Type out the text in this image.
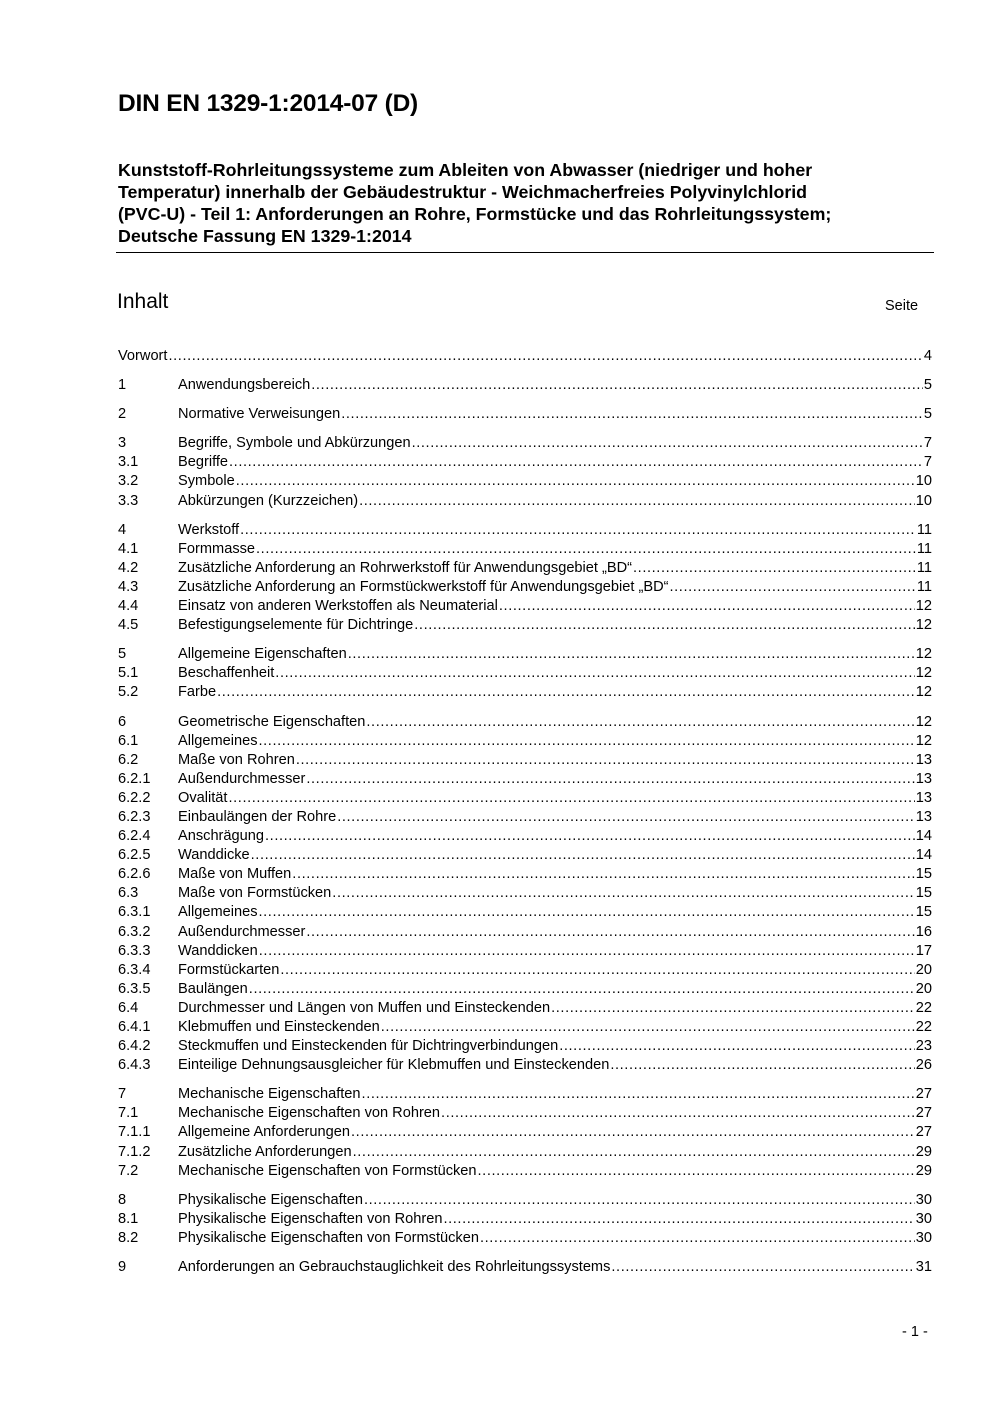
DIN EN 1329-1:2014-07 (D)
Kunststoff-Rohrleitungssysteme zum Ableiten von Abwasser (niedriger und hoher
Temperatur) innerhalb der Gebäudestruktur - Weichmacherfreies Polyvinylchlorid
(PVC-U) - Teil 1: Anforderungen an Rohre, Formstücke und das Rohrleitungssystem;
Deutsche Fassung EN 1329-1:2014
Inhalt	Seite
Vorwort .....	4
1	Anwendungsbereich .....	5
2	Normative Verweisungen .....	5
3	Begriffe, Symbole und Abkürzungen .....	7
3.1	Begriffe .....	7
3.2	Symbole .....	10
3.3	Abkürzungen (Kurzzeichen) .....	10
4	Werkstoff .....	11
4.1	Formmasse .....	11
4.2	Zusätzliche Anforderung an Rohrwerkstoff für Anwendungsgebiet „BD“ .....	11
4.3	Zusätzliche Anforderung an Formstückwerkstoff für Anwendungsgebiet „BD“ .....	11
4.4	Einsatz von anderen Werkstoffen als Neumaterial .....	12
4.5	Befestigungselemente für Dichtringe .....	12
5	Allgemeine Eigenschaften .....	12
5.1	Beschaffenheit .....	12
5.2	Farbe .....	12
6	Geometrische Eigenschaften .....	12
6.1	Allgemeines .....	12
6.2	Maße von Rohren .....	13
6.2.1	Außendurchmesser .....	13
6.2.2	Ovalität .....	13
6.2.3	Einbaulängen der Rohre .....	13
6.2.4	Anschrägung .....	14
6.2.5	Wanddicke .....	14
6.2.6	Maße von Muffen .....	15
6.3	Maße von Formstücken .....	15
6.3.1	Allgemeines .....	15
6.3.2	Außendurchmesser .....	16
6.3.3	Wanddicken .....	17
6.3.4	Formstückarten .....	20
6.3.5	Baulängen .....	20
6.4	Durchmesser und Längen von Muffen und Einsteckenden .....	22
6.4.1	Klebmuffen und Einsteckenden .....	22
6.4.2	Steckmuffen und Einsteckenden für Dichtringverbindungen .....	23
6.4.3	Einteilige Dehnungsausgleicher für Klebmuffen und Einsteckenden .....	26
7	Mechanische Eigenschaften .....	27
7.1	Mechanische Eigenschaften von Rohren .....	27
7.1.1	Allgemeine Anforderungen .....	27
7.1.2	Zusätzliche Anforderungen .....	29
7.2	Mechanische Eigenschaften von Formstücken .....	29
8	Physikalische Eigenschaften .....	30
8.1	Physikalische Eigenschaften von Rohren .....	30
8.2	Physikalische Eigenschaften von Formstücken .....	30
9	Anforderungen an Gebrauchstauglichkeit des Rohrleitungssystems .....	31
- 1 -
